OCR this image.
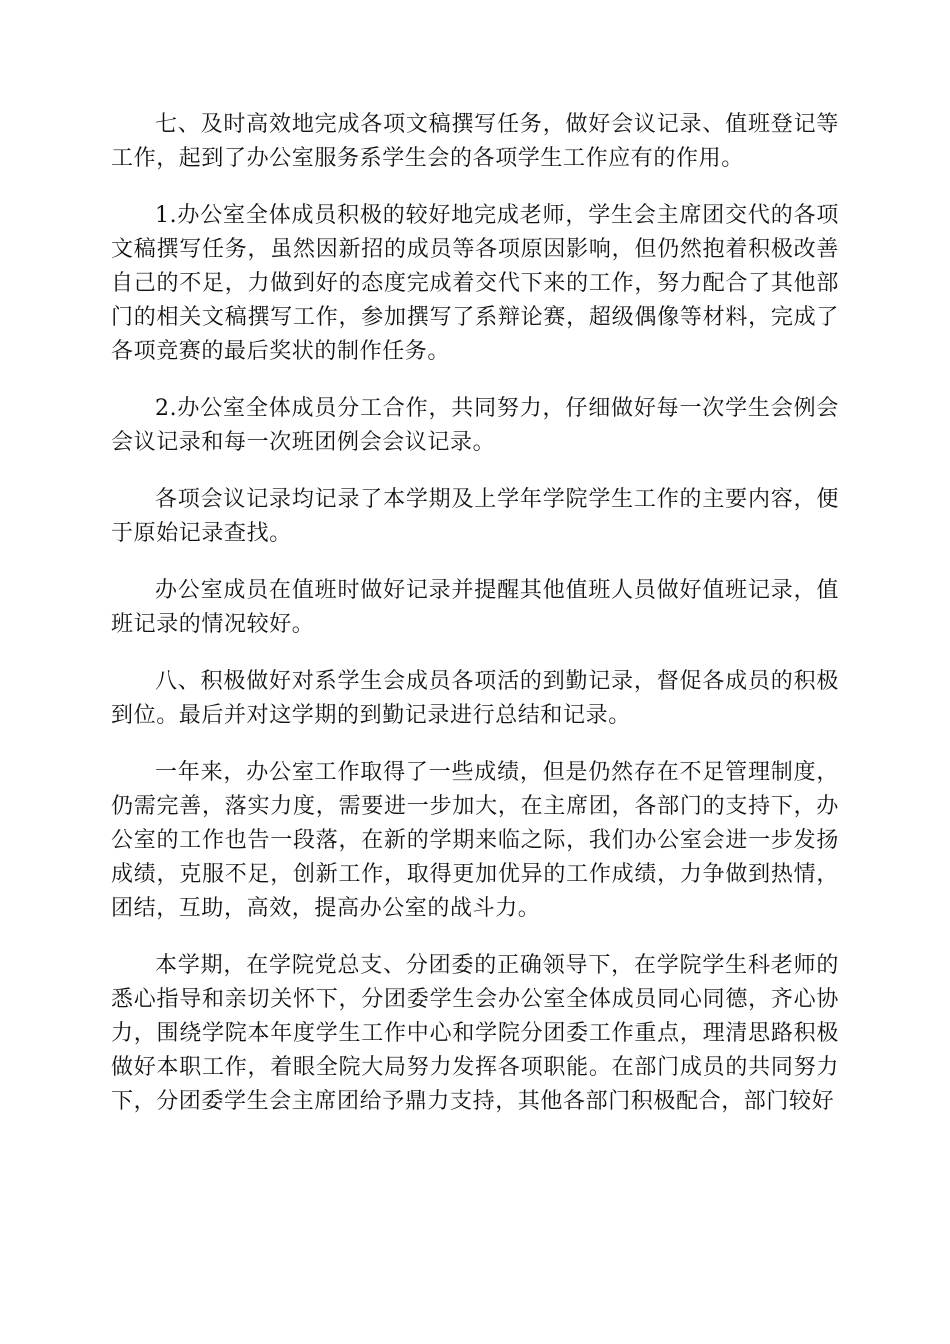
七、及时高效地完成各项文稿撰写任务，做好会议记录、值班登记等工作，起到了办公室服务系学生会的各项学生工作应有的作用。

1.办公室全体成员积极的较好地完成老师，学生会主席团交代的各项文稿撰写任务，虽然因新招的成员等各项原因影响，但仍然抱着积极改善自己的不足，力做到好的态度完成着交代下来的工作，努力配合了其他部门的相关文稿撰写工作，参加撰写了系辩论赛，超级偶像等材料，完成了各项竞赛的最后奖状的制作任务。

2.办公室全体成员分工合作，共同努力，仔细做好每一次学生会例会会议记录和每一次班团例会会议记录。

各项会议记录均记录了本学期及上学年学院学生工作的主要内容，便于原始记录查找。

办公室成员在值班时做好记录并提醒其他值班人员做好值班记录，值班记录的情况较好。

八、积极做好对系学生会成员各项活的到勤记录，督促各成员的积极到位。最后并对这学期的到勤记录进行总结和记录。

一年来，办公室工作取得了一些成绩，但是仍然存在不足管理制度，仍需完善，落实力度，需要进一步加大，在主席团，各部门的支持下，办公室的工作也告一段落，在新的学期来临之际，我们办公室会进一步发扬成绩，克服不足，创新工作，取得更加优异的工作成绩，力争做到热情，团结，互助，高效，提高办公室的战斗力。

本学期，在学院党总支、分团委的正确领导下，在学院学生科老师的悉心指导和亲切关怀下，分团委学生会办公室全体成员同心同德，齐心协力，围绕学院本年度学生工作中心和学院分团委工作重点，理清思路积极做好本职工作，着眼全院大局努力发挥各项职能。在部门成员的共同努力下，分团委学生会主席团给予鼎力支持，其他各部门积极配合，部门较好
